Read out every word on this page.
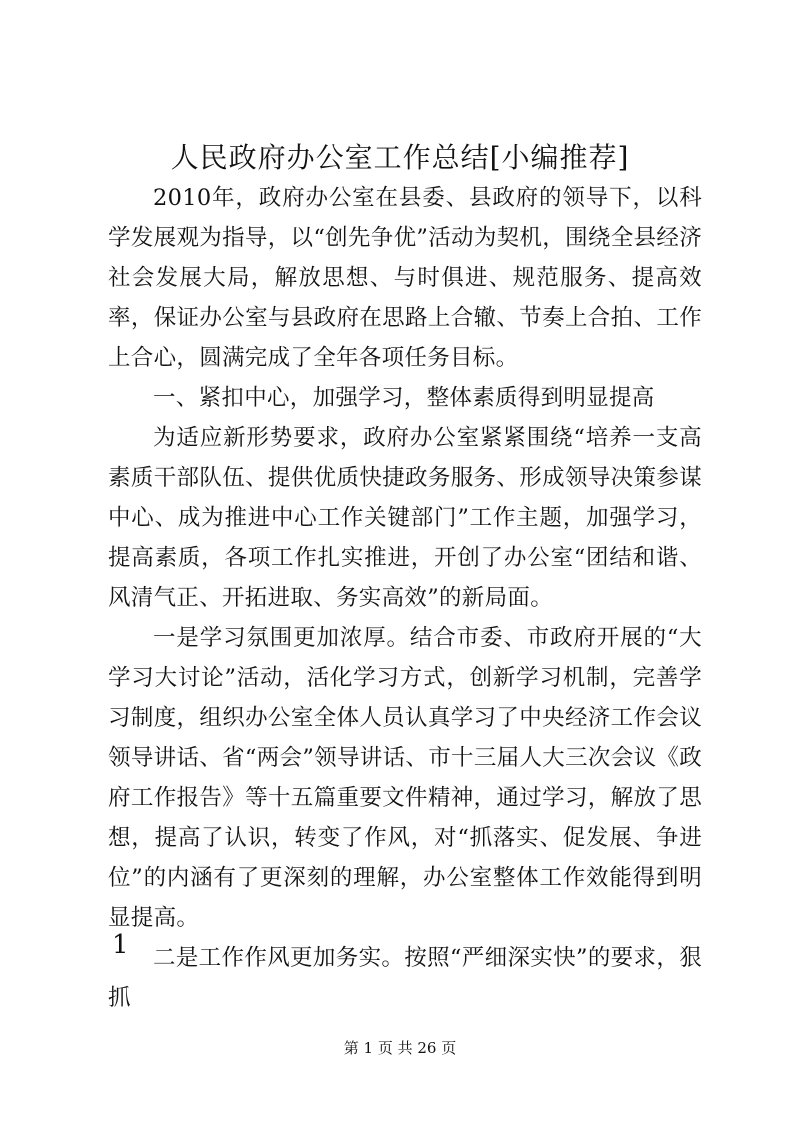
人民政府办公室工作总结[小编推荐]

2010年，政府办公室在县委、县政府的领导下，以科学发展观为指导，以“创先争优”活动为契机，围绕全县经济社会发展大局，解放思想、与时俱进、规范服务、提高效率，保证办公室与县政府在思路上合辙、节奏上合拍、工作上合心，圆满完成了全年各项任务目标。

一、紧扣中心，加强学习，整体素质得到明显提高

为适应新形势要求，政府办公室紧紧围绕“培养一支高素质干部队伍、提供优质快捷政务服务、形成领导决策参谋中心、成为推进中心工作关键部门”工作主题，加强学习，提高素质，各项工作扎实推进，开创了办公室“团结和谐、风清气正、开拓进取、务实高效”的新局面。

一是学习氛围更加浓厚。结合市委、市政府开展的“大学习大讨论”活动，活化学习方式，创新学习机制，完善学习制度，组织办公室全体人员认真学习了中央经济工作会议领导讲话、省“两会”领导讲话、市十三届人大三次会议《政府工作报告》等十五篇重要文件精神，通过学习，解放了思想，提高了认识，转变了作风，对“抓落实、促发展、争进位”的内涵有了更深刻的理解，办公室整体工作效能得到明显提高。

二是工作作风更加务实。按照“严细深实快”的要求，狠抓

1
第 1 页 共 26 页
